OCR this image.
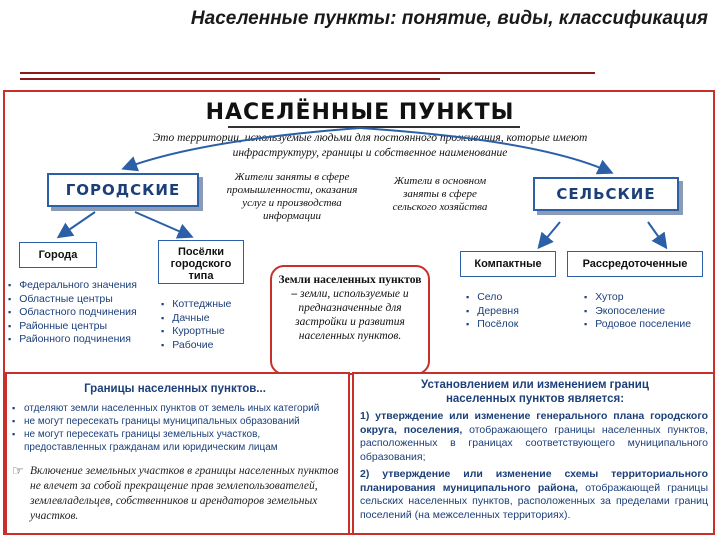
Населенные пункты: понятие, виды, классификация
НАСЕЛЁННЫЕ ПУНКТЫ
Это территории, используемые людьми для постоянного проживания, которые имеют инфраструктуру, границы и собственное наименование
ГОРОДСКИЕ
Жители заняты в сфере промышленности, оказания услуг и производства информации
Города
▪ Федерального значения
▪ Областные центры
▪ Областного подчинения
▪ Районные центры
▪ Районного подчинения
Посёлки городского типа
▪ Коттеджные
▪ Дачные
▪ Курортные
▪ Рабочие
Жители в основном заняты в сфере сельского хозяйства
СЕЛЬСКИЕ
Компактные
▪ Село
▪ Деревня
▪ Посёлок
Рассредоточенные
▪ Хутор
▪ Экопоселение
▪ Родовое поселение
Земли населенных пунктов – земли, используемые и предназначенные для застройки и развития населенных пунктов.
Границы населенных пунктов...
▪ отделяют земли населенных пунктов от земель иных категорий
▪ не могут пересекать границы муниципальных образований
▪ не могут пересекать границы земельных участков, предоставленных гражданам или юридическим лицам
☞ Включение земельных участков в границы населенных пунктов не влечет за собой прекращение прав землепользователей, землевладельцев, собственников и арендаторов земельных участков.
Установлением или изменением границ населенных пунктов является:
1) утверждение или изменение генерального плана городского округа, поселения, отображающего границы населенных пунктов, расположенных в границах соответствующего муниципального образования;
2) утверждение или изменение схемы территориального планирования муниципального района, отображающей границы сельских населенных пунктов, расположенных за пределами границ поселений (на межселенных территориях).
